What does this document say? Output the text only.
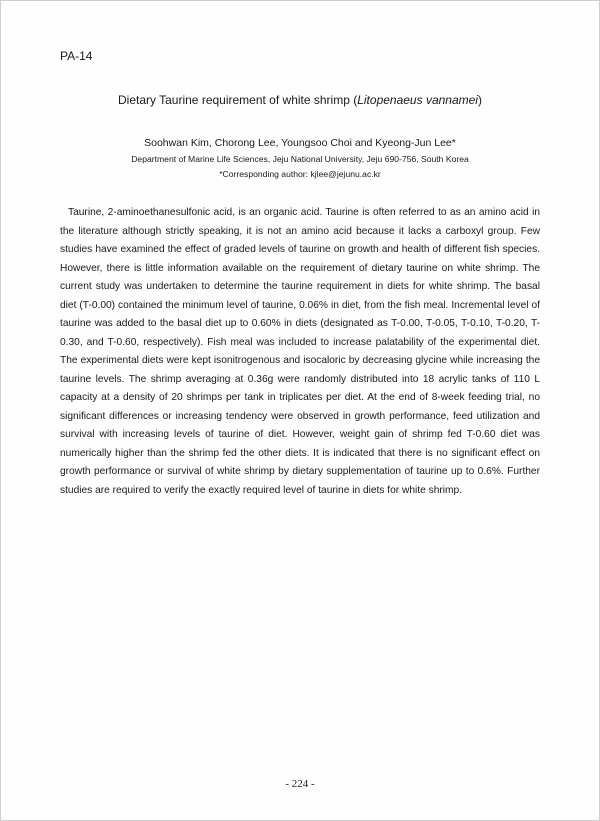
PA-14
Dietary Taurine requirement of white shrimp (Litopenaeus vannamei)
Soohwan Kim, Chorong Lee, Youngsoo Choi and Kyeong-Jun Lee*
Department of Marine Life Sciences, Jeju National University, Jeju 690-756, South Korea
*Corresponding author: kjlee@jejunu.ac.kr

Taurine, 2-aminoethanesulfonic acid, is an organic acid. Taurine is often referred to as an amino acid in the literature although strictly speaking, it is not an amino acid because it lacks a carboxyl group. Few studies have examined the effect of graded levels of taurine on growth and health of different fish species. However, there is little information available on the requirement of dietary taurine on white shrimp. The current study was undertaken to determine the taurine requirement in diets for white shrimp. The basal diet (T-0.00) contained the minimum level of taurine, 0.06% in diet, from the fish meal. Incremental level of taurine was added to the basal diet up to 0.60% in diets (designated as T-0.00, T-0.05, T-0.10, T-0.20, T-0.30, and T-0.60, respectively). Fish meal was included to increase palatability of the experimental diet. The experimental diets were kept isonitrogenous and isocaloric by decreasing glycine while increasing the taurine levels. The shrimp averaging at 0.36g were randomly distributed into 18 acrylic tanks of 110 L capacity at a density of 20 shrimps per tank in triplicates per diet. At the end of 8-week feeding trial, no significant differences or increasing tendency were observed in growth performance, feed utilization and survival with increasing levels of taurine of diet. However, weight gain of shrimp fed T-0.60 diet was numerically higher than the shrimp fed the other diets. It is indicated that there is no significant effect on growth performance or survival of white shrimp by dietary supplementation of taurine up to 0.6%. Further studies are required to verify the exactly required level of taurine in diets for white shrimp.

- 224 -
